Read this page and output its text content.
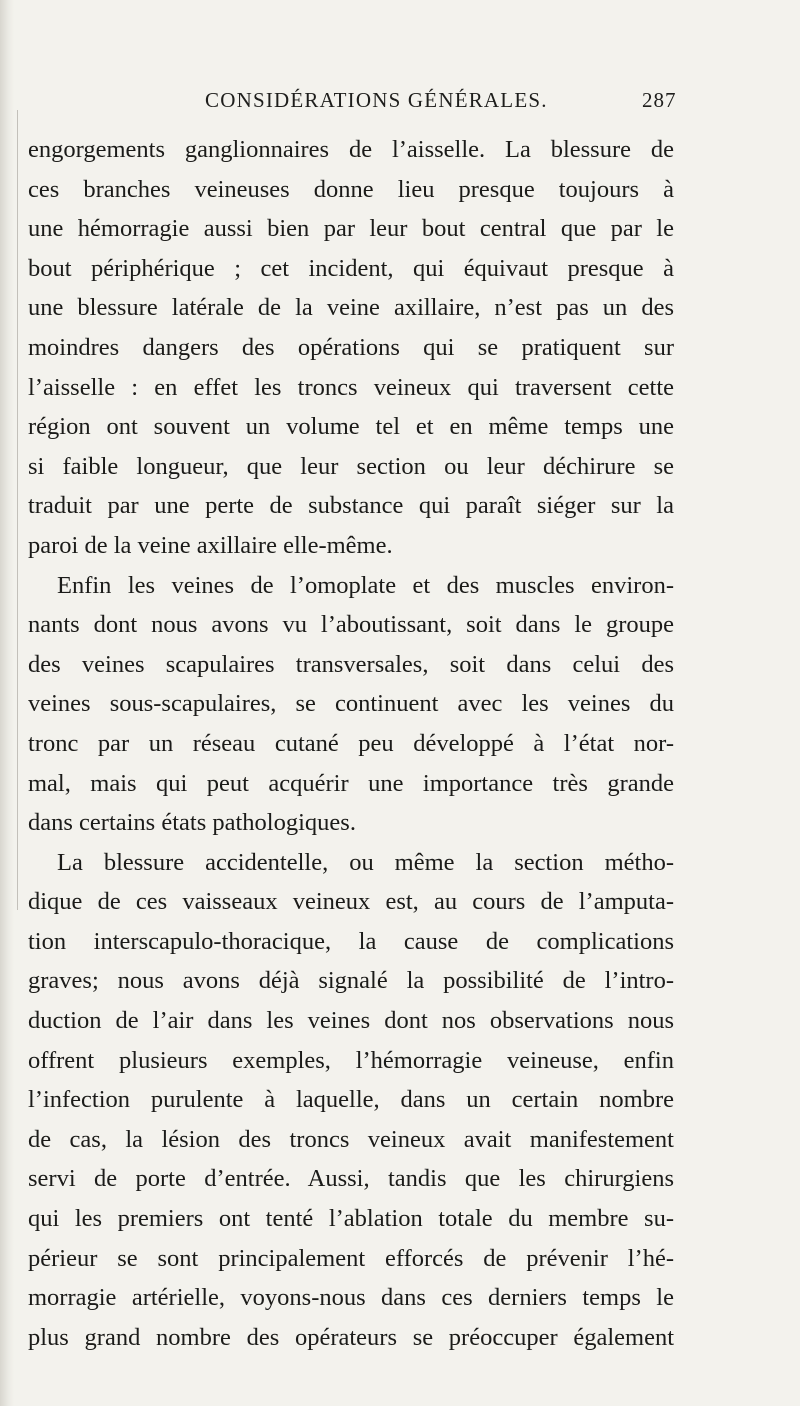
CONSIDÉRATIONS GÉNÉRALES.	287
engorgements ganglionnaires de l’aisselle. La blessure de
ces branches veineuses donne lieu presque toujours à
une hémorragie aussi bien par leur bout central que par le
bout périphérique ; cet incident, qui équivaut presque à
une blessure latérale de la veine axillaire, n’est pas un des
moindres dangers des opérations qui se pratiquent sur
l’aisselle : en effet les troncs veineux qui traversent cette
région ont souvent un volume tel et en même temps une
si faible longueur, que leur section ou leur déchirure se
traduit par une perte de substance qui paraît siéger sur la
paroi de la veine axillaire elle-même.
Enfin les veines de l’omoplate et des muscles environ-
nants dont nous avons vu l’aboutissant, soit dans le groupe
des veines scapulaires transversales, soit dans celui des
veines sous-scapulaires, se continuent avec les veines du
tronc par un réseau cutané peu développé à l’état nor-
mal, mais qui peut acquérir une importance très grande
dans certains états pathologiques.
La blessure accidentelle, ou même la section métho-
dique de ces vaisseaux veineux est, au cours de l’amputa-
tion interscapulo-thoracique, la cause de complications
graves; nous avons déjà signalé la possibilité de l’intro-
duction de l’air dans les veines dont nos observations nous
offrent plusieurs exemples, l’hémorragie veineuse, enfin
l’infection purulente à laquelle, dans un certain nombre
de cas, la lésion des troncs veineux avait manifestement
servi de porte d’entrée. Aussi, tandis que les chirurgiens
qui les premiers ont tenté l’ablation totale du membre su-
périeur se sont principalement efforcés de prévenir l’hé-
morragie artérielle, voyons-nous dans ces derniers temps le
plus grand nombre des opérateurs se préoccuper également
